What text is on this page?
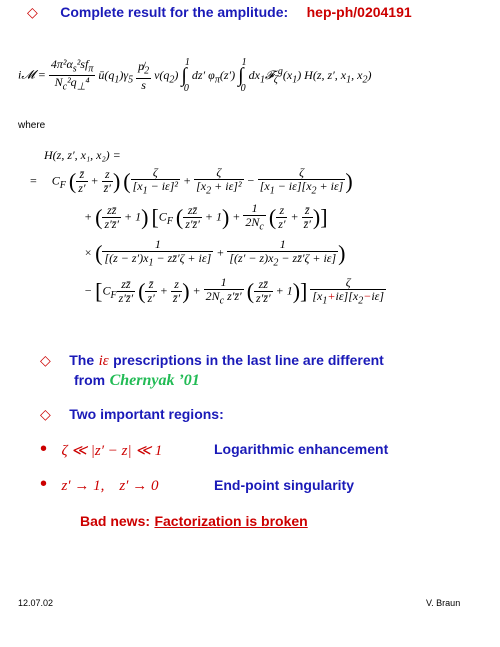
◇ Complete result for the amplitude: hep-ph/0204191
i𝓜 = $\frac{4\pi^2\alpha_s^2sf_\pi}{N_c^2q_\perp^4}$ $ū(q_1)\gamma_5 \frac{p̸_2}{s} v(q_2)$ ∫$^1_0$ dz′ $\varphi_\pi(z')$ ∫$^1_0$ $dx_1𝓕_\zeta^g(x_1)$ H(z, z′, $x_1$, $x_2$)
where
H(z, z′, x₁, x₂) =
=     $C_F$ ( $\frac{z̄}{z'} + \frac{z}{z̄'}$ ) ( $\frac{\zeta}{[x_1 - i\varepsilon]^2} + \frac{\zeta}{[x_2 + i\varepsilon]^2} - \frac{\zeta}{[x_1 - i\varepsilon][x_2 + i\varepsilon]}$ )
+ ( $\frac{zz̄}{z'z̄'} + 1$) [$C_F$ ( $\frac{zz̄}{z'z̄'} + 1) + \frac{1}{2N_c}$ ( $\frac{z}{z'} + \frac{z̄}{z̄'}$ )]
× ( $\frac{1}{[(z - z')x_1 - zz̄'\zeta + i\varepsilon]} + \frac{1}{[(z' - z)x_2 - zz̄'\zeta + i\varepsilon]}$ )
− [$C_F \frac{zz̄}{z'z̄'}$ ( $\frac{z̄}{z'} + \frac{z}{z̄'}$ ) + $\frac{1}{2N_c z'z̄'}$ ( $\frac{zz̄}{z'z̄'} + 1)] \frac{\zeta}{[x_1+i\varepsilon][x_2-i\varepsilon]}$
◇ The iε prescriptions in the last line are different
from Chernyak ’01
◇ Two important regions:
• ζ ≪ |z′ − z| ≪ 1	Logarithmic enhancement
• z′ → 1,    z′ → 0	End-point singularity
Bad news: Factorization is broken
12.07.02	V. Braun
